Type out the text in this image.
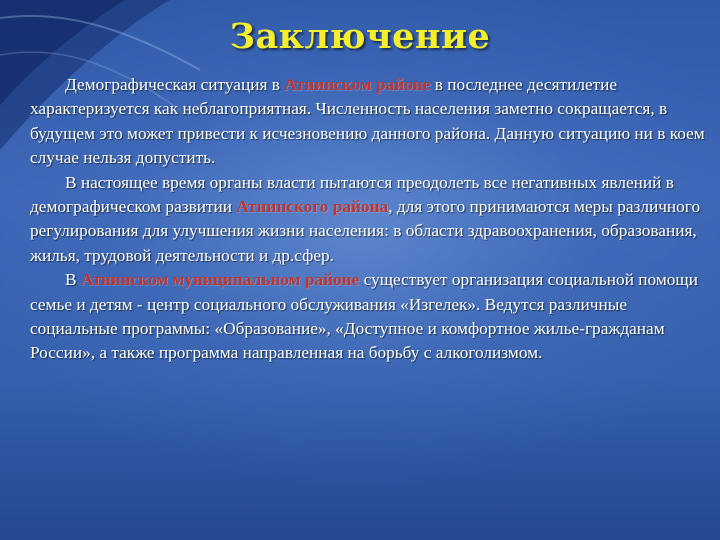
Заключение

Демографическая ситуация в Атнинском районе в последнее десятилетие характеризуется как неблагоприятная. Численность населения заметно сокращается, в будущем это может привести к исчезновению данного района. Данную ситуацию ни в коем случае нельзя допустить.

В настоящее время органы власти пытаются преодолеть все негативных явлений в демографическом развитии Атнинского района, для этого принимаются меры различного регулирования для улучшения жизни населения: в области здравоохранения, образования, жилья, трудовой деятельности и др.сфер.

В Атнинском муниципальном районе существует организация социальной помощи семье и детям - центр социального обслуживания «Изгелек». Ведутся различные социальные программы: «Образование», «Доступное и комфортное жилье-гражданам России», а также программа направленная на борьбу с алкоголизмом.
